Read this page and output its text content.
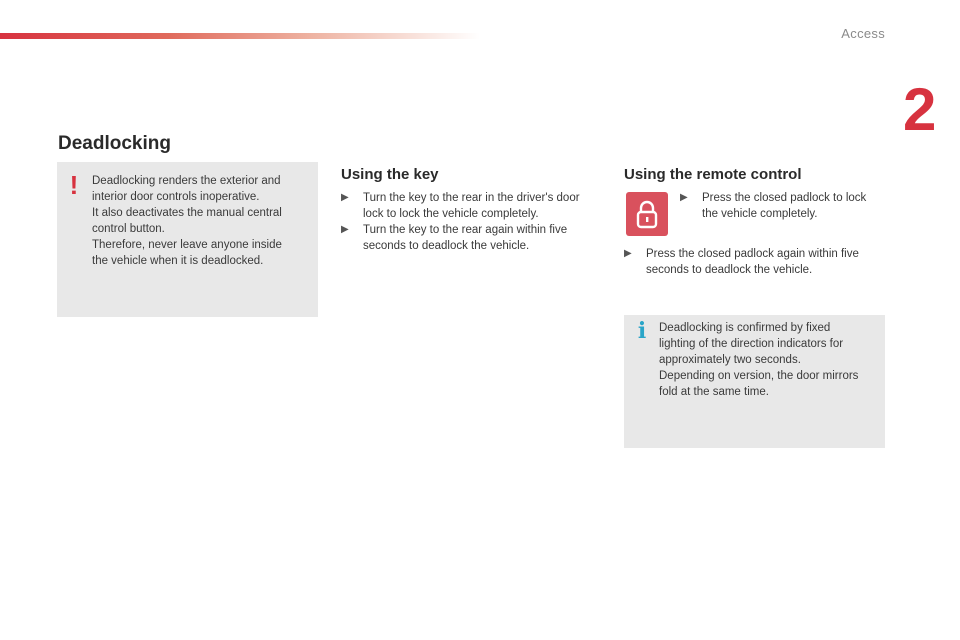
Access
2
Deadlocking
!	Deadlocking renders the exterior and
interior door controls inoperative.
It also deactivates the manual central
control button.
Therefore, never leave anyone inside
the vehicle when it is deadlocked.
Using the key
▶ Turn the key to the rear in the driver's door lock to lock the vehicle completely.
▶ Turn the key to the rear again within five seconds to deadlock the vehicle.
Using the remote control
▶ Press the closed padlock to lock the vehicle completely.
▶ Press the closed padlock again within five seconds to deadlock the vehicle.
i	Deadlocking is confirmed by fixed
lighting of the direction indicators for
approximately two seconds.
Depending on version, the door mirrors
fold at the same time.
